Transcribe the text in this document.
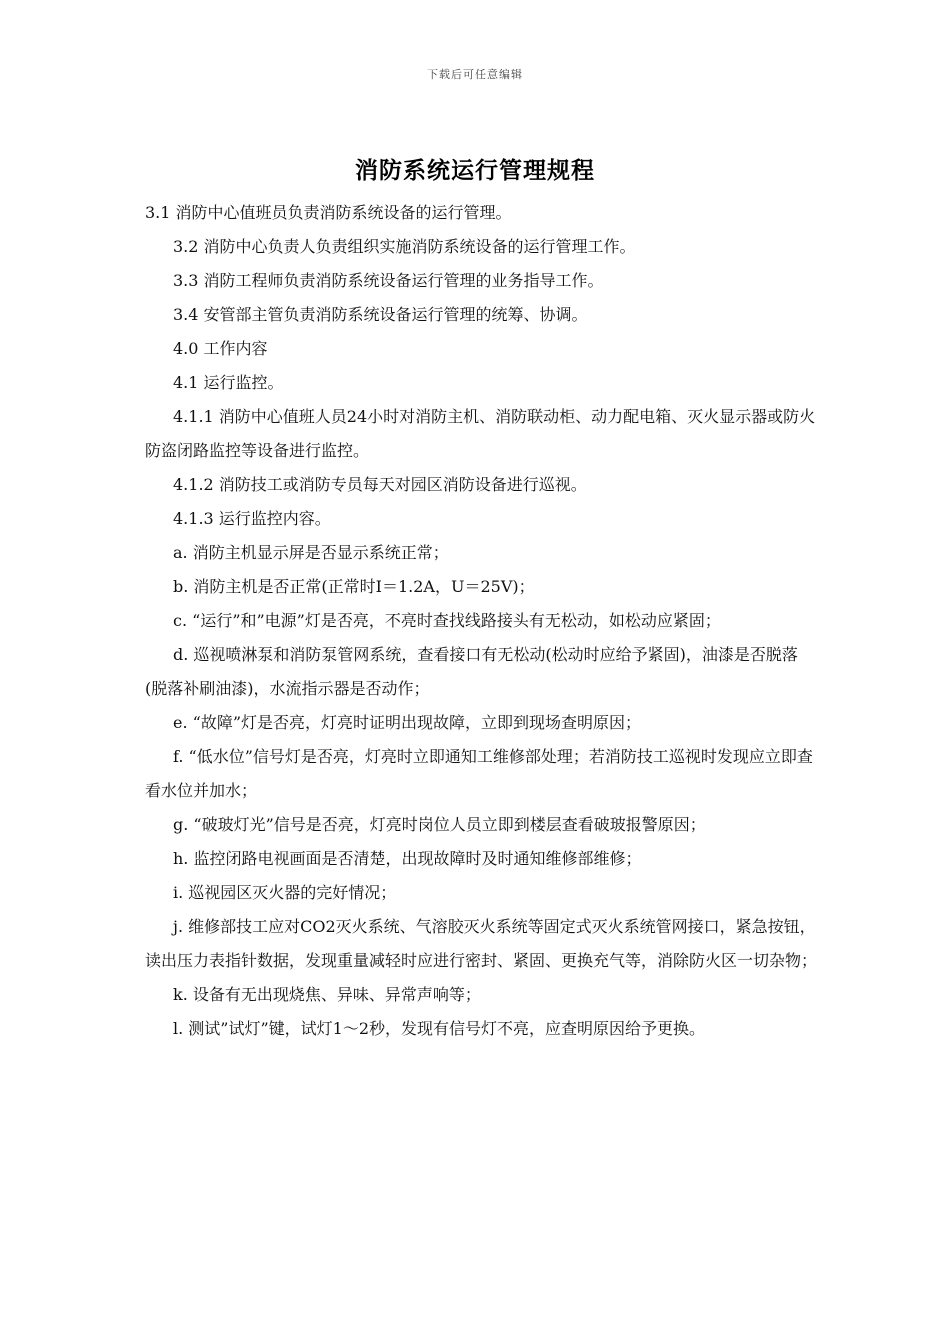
下载后可任意编辑
消防系统运行管理规程

3.1 消防中心值班员负责消防系统设备的运行管理。

3.2 消防中心负责人负责组织实施消防系统设备的运行管理工作。

3.3 消防工程师负责消防系统设备运行管理的业务指导工作。

3.4 安管部主管负责消防系统设备运行管理的统筹、协调。

4.0 工作内容

4.1 运行监控。

4.1.1 消防中心值班人员24小时对消防主机、消防联动柜、动力配电箱、灭火显示器或防火防盗闭路监控等设备进行监控。

4.1.2 消防技工或消防专员每天对园区消防设备进行巡视。

4.1.3 运行监控内容。

a. 消防主机显示屏是否显示系统正常；

b. 消防主机是否正常(正常时I＝1.2A，U＝25V)；

c. “运行”和”电源”灯是否亮，不亮时查找线路接头有无松动，如松动应紧固；

d. 巡视喷淋泵和消防泵管网系统，查看接口有无松动(松动时应给予紧固)，油漆是否脱落(脱落补刷油漆)，水流指示器是否动作；

e. “故障”灯是否亮，灯亮时证明出现故障，立即到现场查明原因；

f. “低水位”信号灯是否亮，灯亮时立即通知工维修部处理；若消防技工巡视时发现应立即查看水位并加水；

g. “破玻灯光”信号是否亮，灯亮时岗位人员立即到楼层查看破玻报警原因；

h. 监控闭路电视画面是否清楚，出现故障时及时通知维修部维修；

i. 巡视园区灭火器的完好情况；

j. 维修部技工应对CO2灭火系统、气溶胶灭火系统等固定式灭火系统管网接口，紧急按钮，读出压力表指针数据，发现重量减轻时应进行密封、紧固、更换充气等，消除防火区一切杂物；

k. 设备有无出现烧焦、异味、异常声响等；

l. 测试”试灯”键，试灯1～2秒，发现有信号灯不亮，应查明原因给予更换。
